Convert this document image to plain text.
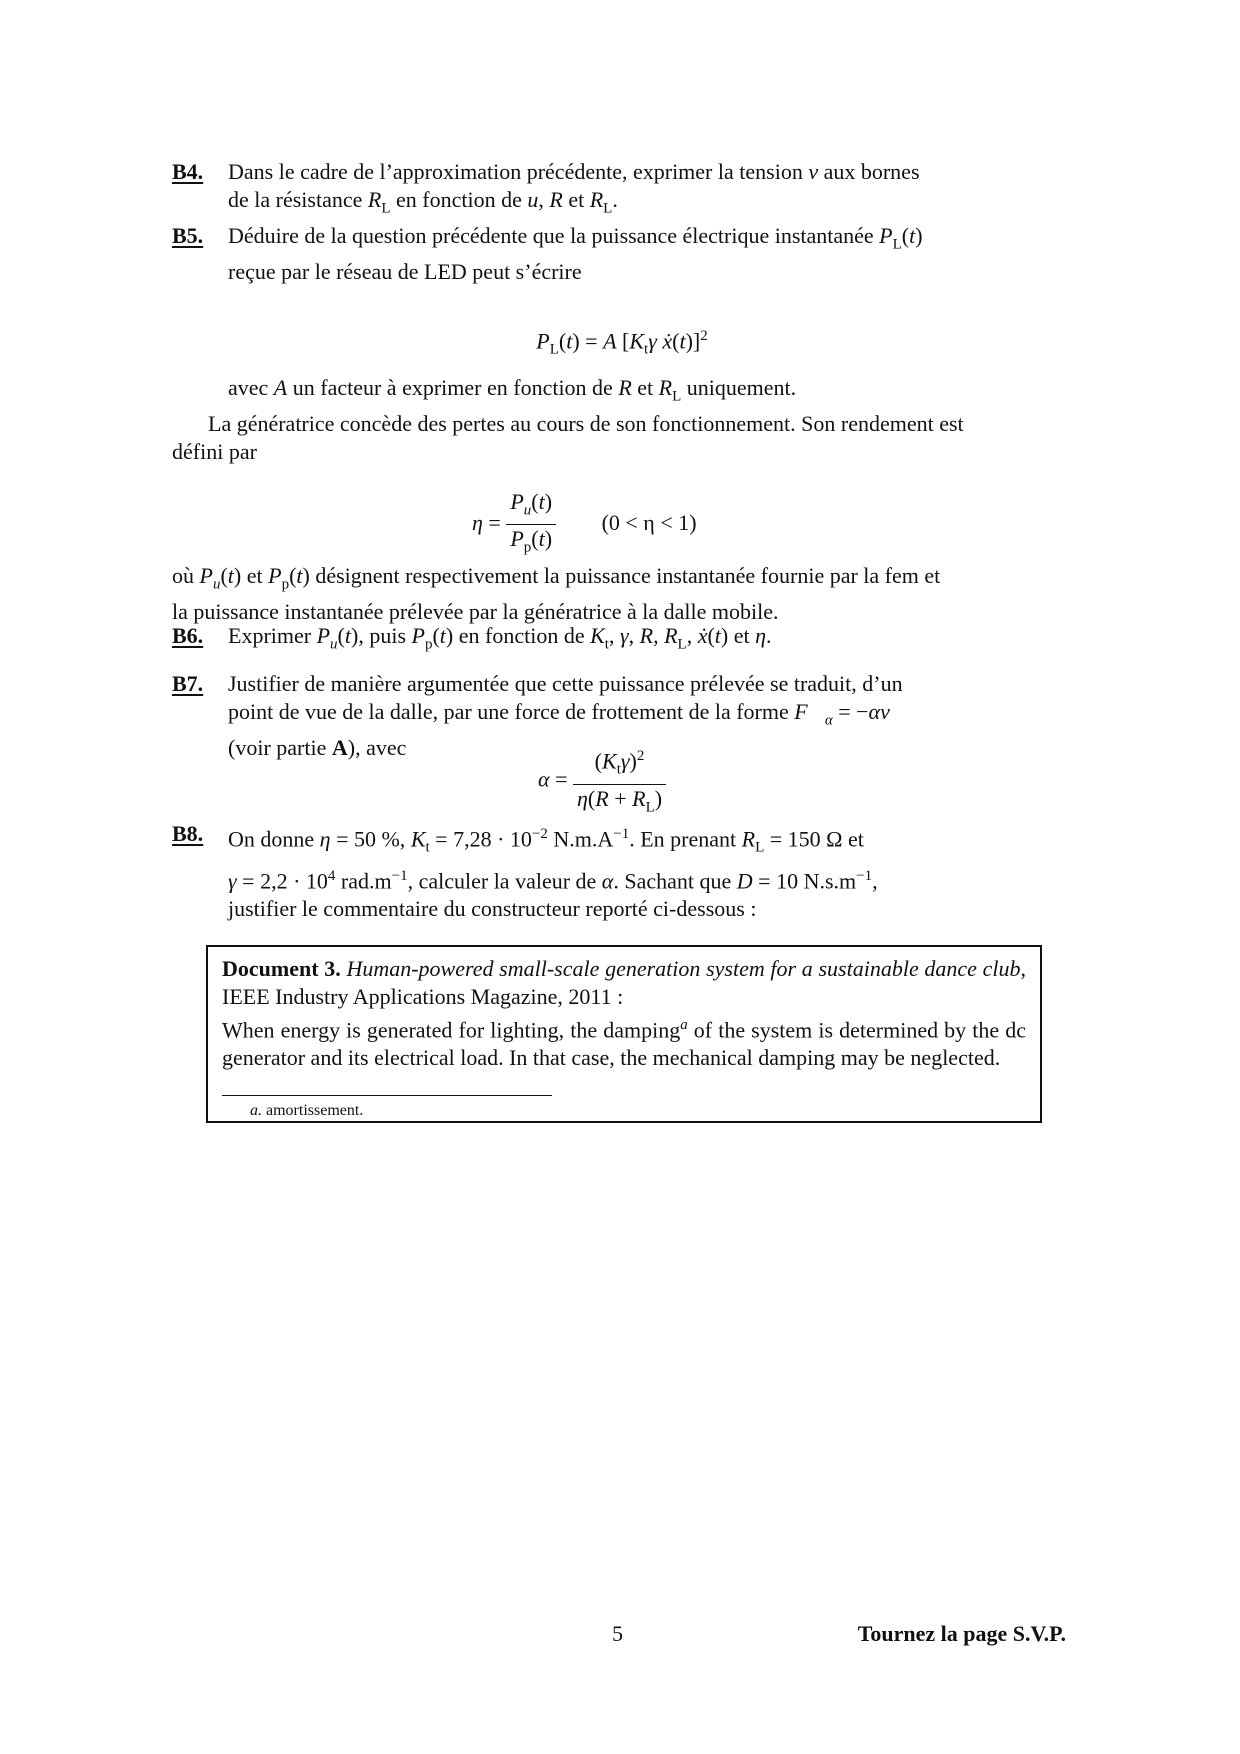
B4. Dans le cadre de l’approximation précédente, exprimer la tension v aux bornes
de la résistance $R_L$ en fonction de u, R et $R_L$.
B5. Déduire de la question précédente que la puissance électrique instantanée $P_L(t)$
reçue par le réseau de LED peut s’écrire
$P_L(t) = A$ [$K_t\gamma$ ẋ(t)]$^2$
avec A un facteur à exprimer en fonction de R et $R_L$ uniquement.
La génératrice concède des pertes au cours de son fonctionnement. Son rendement est
défini par
$\eta = \frac{P_u(t)}{P_p(t)} (0 < \eta < 1)$
où $P_u(t)$ et $P_p(t)$ désignent respectivement la puissance instantanée fournie par la fem et
la puissance instantanée prélevée par la génératrice à la dalle mobile.
B6. Exprimer $P_u(t)$, puis $P_p(t)$ en fonction de $K_t$, γ, R, $R_L$, ẋ(t) et η.
B7. Justifier de manière argumentée que cette puissance prélevée se traduit, d’un
point de vue de la dalle, par une force de frottement de la forme $F⃗_\alpha$ = −αv⃗
(voir partie A), avec
$\alpha = \frac{(K_t\gamma)^2}{\eta(R + R_L)}$
B8. On donne η = 50 %, $K_t = 7,28 \cdot 10^{-2}$ $N.m.A^{-1}$. En prenant $R_L = 150$ Ω et
$\gamma = 2,2 \cdot 10^4$ $rad.m^{-1}$, calculer la valeur de α. Sachant que D = 10 $N.s.m^{-1}$,
justifier le commentaire du constructeur reporté ci-dessous :

Document 3. Human-powered small-scale generation system for a sustainable dance club, IEEE Industry Applications Magazine, 2011 :
When energy is generated for lighting, the damping$^a$ of the system is determined by the dc generator and its electrical load. In that case, the mechanical damping may be neglected.

a. amortissement.
5	Tournez la page S.V.P.
